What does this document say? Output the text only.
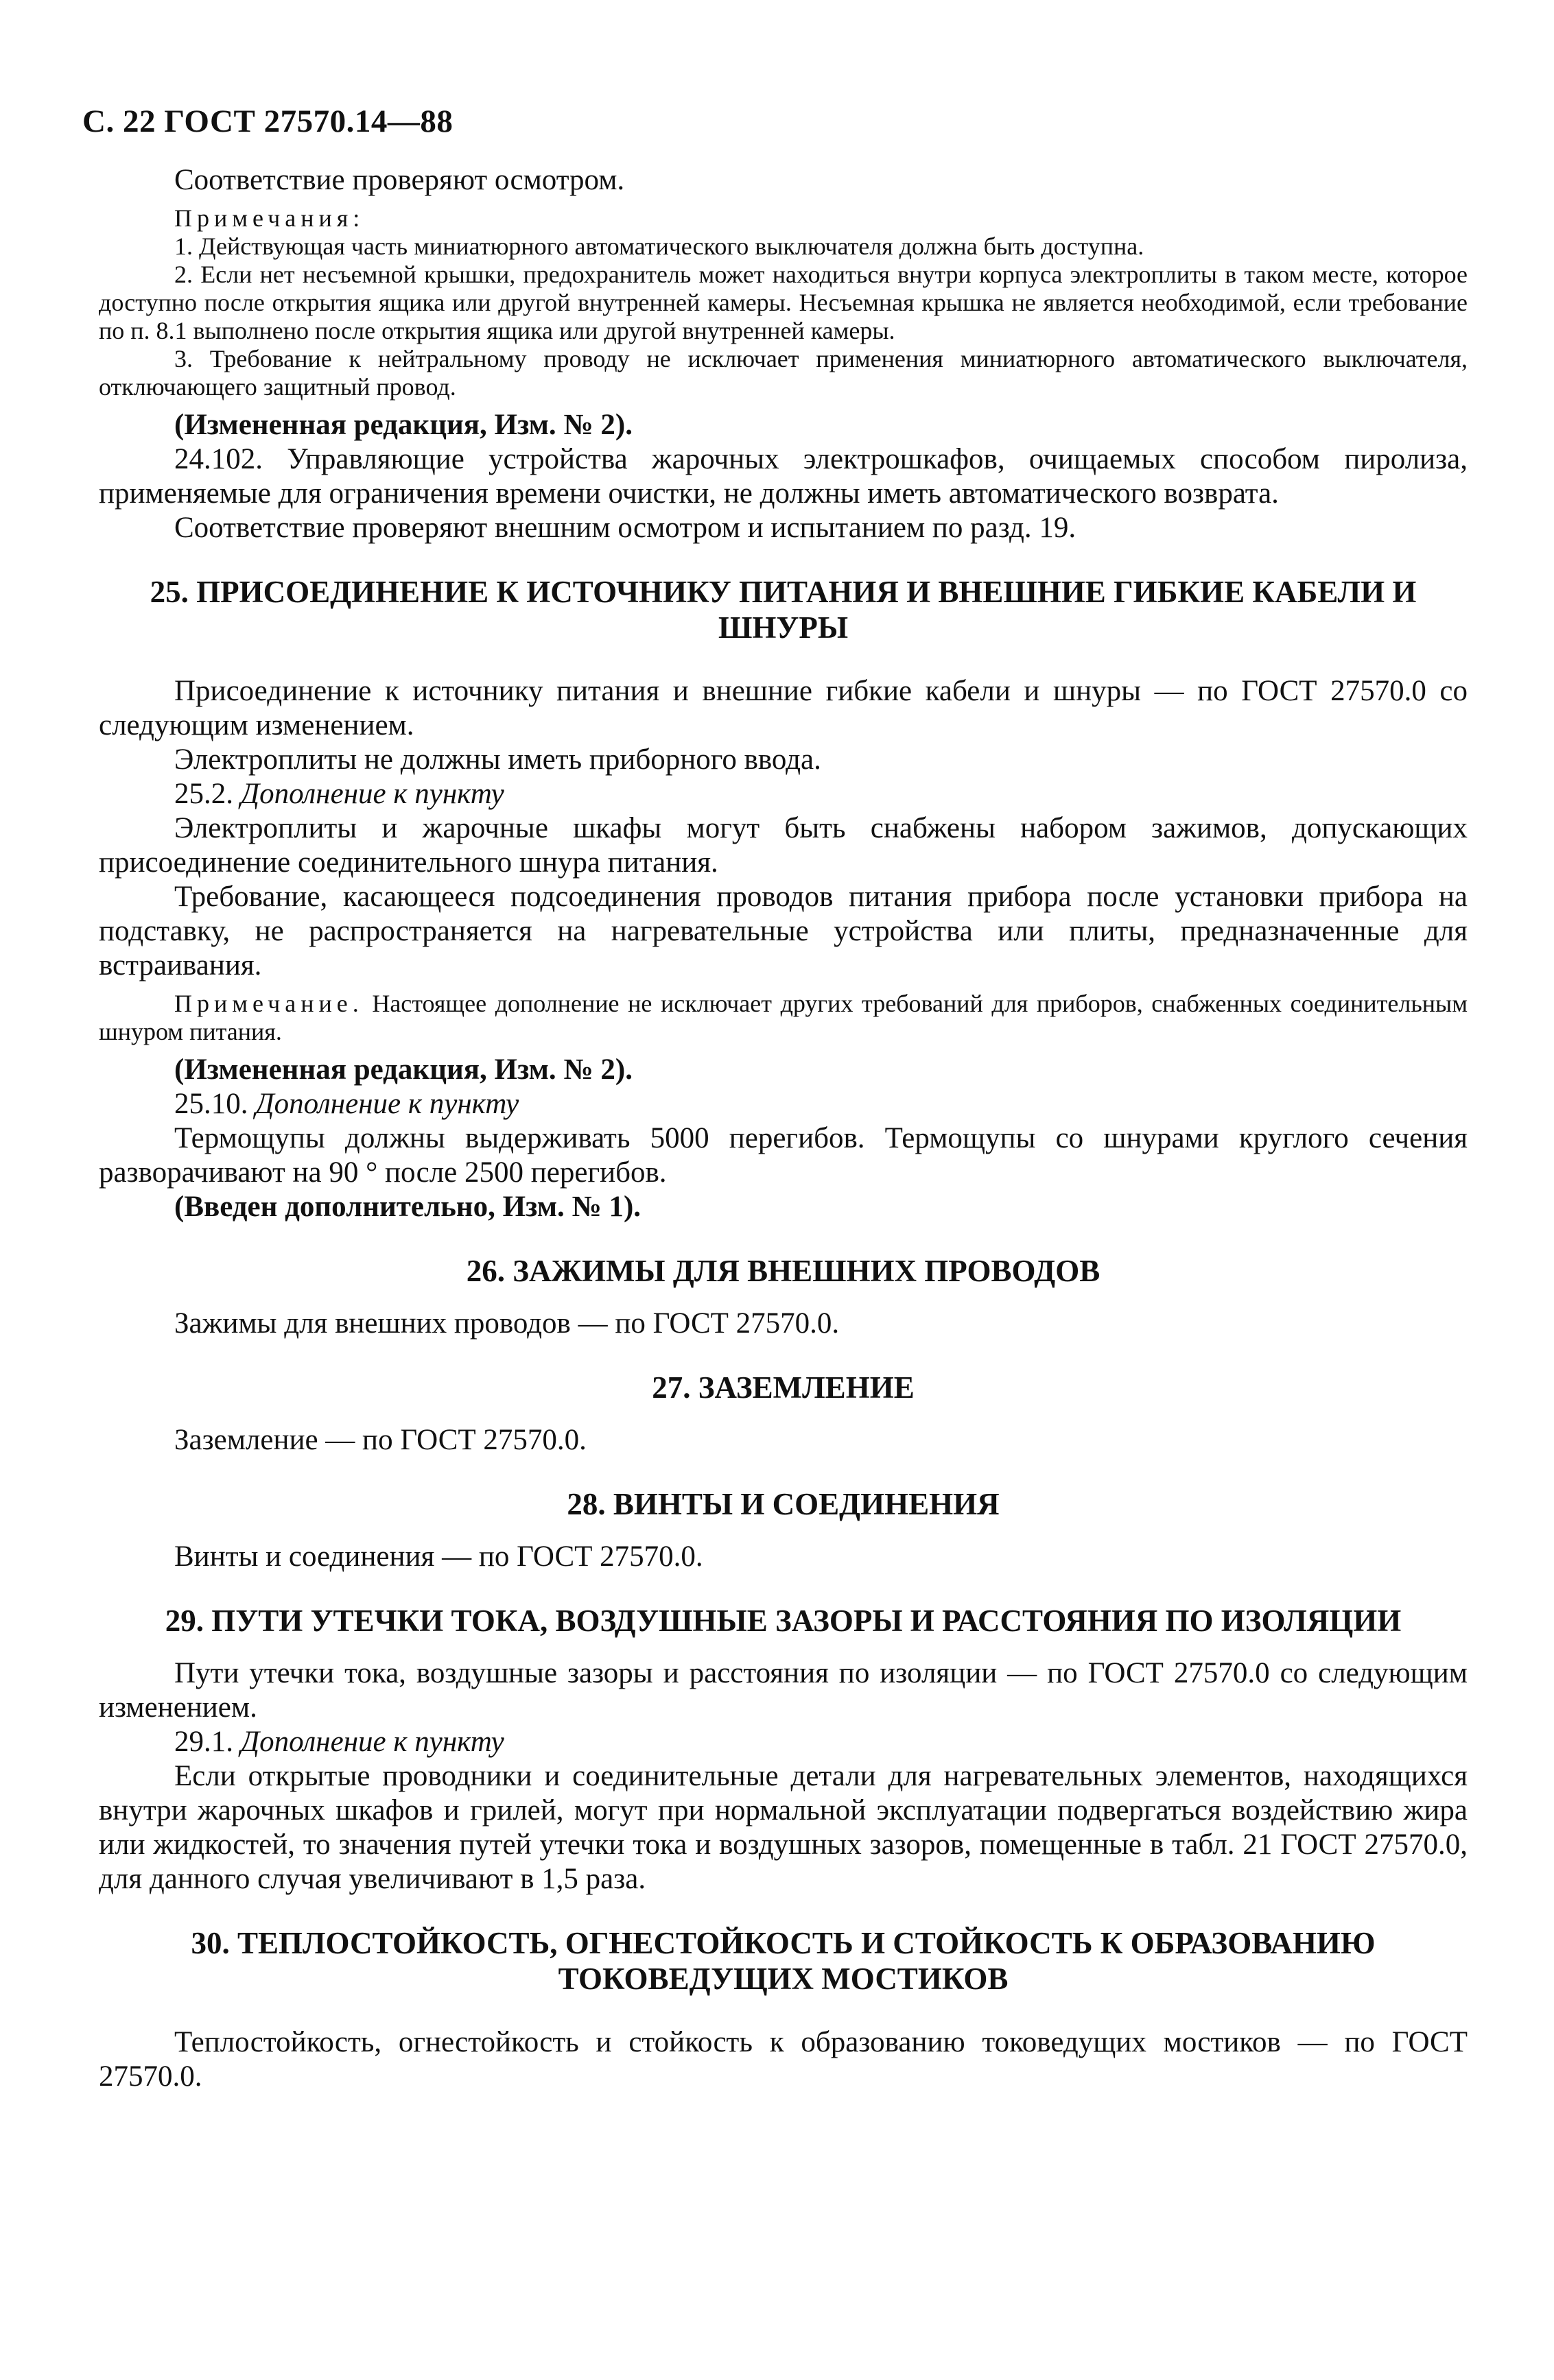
С. 22 ГОСТ 27570.14—88

Соответствие проверяют осмотром.

Примечания:

1. Действующая часть миниатюрного автоматического выключателя должна быть доступна.

2. Если нет несъемной крышки, предохранитель может находиться внутри корпуса электроплиты в таком месте, которое доступно после открытия ящика или другой внутренней камеры. Несъемная крышка не является необходимой, если требование по п. 8.1 выполнено после открытия ящика или другой внутренней камеры.

3. Требование к нейтральному проводу не исключает применения миниатюрного автоматического выключателя, отключающего защитный провод.

(Измененная редакция, Изм. № 2).

24.102. Управляющие устройства жарочных электрошкафов, очищаемых способом пиролиза, применяемые для ограничения времени очистки, не должны иметь автоматического возврата.

Соответствие проверяют внешним осмотром и испытанием по разд. 19.

25. ПРИСОЕДИНЕНИЕ К ИСТОЧНИКУ ПИТАНИЯ И ВНЕШНИЕ ГИБКИЕ КАБЕЛИ И ШНУРЫ

Присоединение к источнику питания и внешние гибкие кабели и шнуры — по ГОСТ 27570.0 со следующим изменением.

Электроплиты не должны иметь приборного ввода.

25.2. Дополнение к пункту

Электроплиты и жарочные шкафы могут быть снабжены набором зажимов, допускающих присоединение соединительного шнура питания.

Требование, касающееся подсоединения проводов питания прибора после установки прибора на подставку, не распространяется на нагревательные устройства или плиты, предназначенные для встраивания.

Примечание. Настоящее дополнение не исключает других требований для приборов, снабженных соединительным шнуром питания.

(Измененная редакция, Изм. № 2).

25.10. Дополнение к пункту

Термощупы должны выдерживать 5000 перегибов. Термощупы со шнурами круглого сечения разворачивают на 90 ° после 2500 перегибов.

(Введен дополнительно, Изм. № 1).

26. ЗАЖИМЫ ДЛЯ ВНЕШНИХ ПРОВОДОВ

Зажимы для внешних проводов — по ГОСТ 27570.0.

27. ЗАЗЕМЛЕНИЕ

Заземление — по ГОСТ 27570.0.

28. ВИНТЫ И СОЕДИНЕНИЯ

Винты и соединения — по ГОСТ 27570.0.

29. ПУТИ УТЕЧКИ ТОКА, ВОЗДУШНЫЕ ЗАЗОРЫ И РАССТОЯНИЯ ПО ИЗОЛЯЦИИ

Пути утечки тока, воздушные зазоры и расстояния по изоляции — по ГОСТ 27570.0 со следующим изменением.

29.1. Дополнение к пункту

Если открытые проводники и соединительные детали для нагревательных элементов, находящихся внутри жарочных шкафов и грилей, могут при нормальной эксплуатации подвергаться воздействию жира или жидкостей, то значения путей утечки тока и воздушных зазоров, помещенные в табл. 21 ГОСТ 27570.0, для данного случая увеличивают в 1,5 раза.

30. ТЕПЛОСТОЙКОСТЬ, ОГНЕСТОЙКОСТЬ И СТОЙКОСТЬ К ОБРАЗОВАНИЮ ТОКОВЕДУЩИХ МОСТИКОВ

Теплостойкость, огнестойкость и стойкость к образованию токоведущих мостиков — по ГОСТ 27570.0.
